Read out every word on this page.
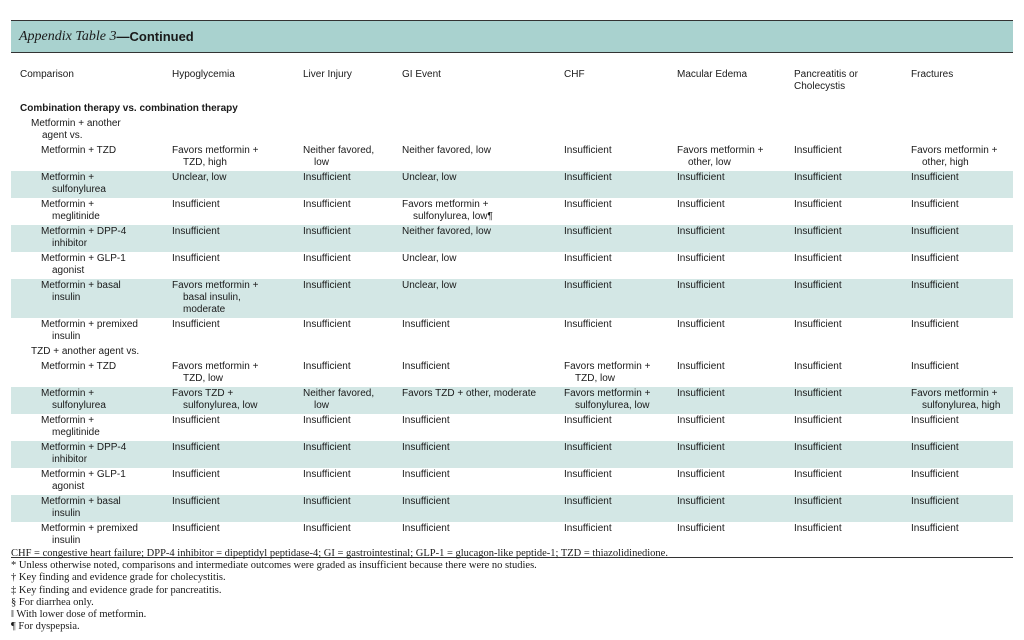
Appendix Table 3 —Continued
Comparison	Hypoglycemia	Liver Injury	GI Event	CHF	Macular Edema	Pancreatitis or Cholecystis	Fractures

Combination therapy vs. combination therapy							

Metformin + another
agent vs.							

Metformin + TZD	Favors metformin +
TZD, high	Neither favored,
low	Neither favored, low	Insufficient	Favors metformin +
other, low	Insufficient	Favors metformin +
other, high

Metformin +
sulfonylurea	Unclear, low	Insufficient	Unclear, low	Insufficient	Insufficient	Insufficient	Insufficient

Metformin +
meglitinide	Insufficient	Insufficient	Favors metformin +
sulfonylurea, low¶	Insufficient	Insufficient	Insufficient	Insufficient

Metformin + DPP-4
inhibitor	Insufficient	Insufficient	Neither favored, low	Insufficient	Insufficient	Insufficient	Insufficient

Metformin + GLP-1
agonist	Insufficient	Insufficient	Unclear, low	Insufficient	Insufficient	Insufficient	Insufficient

Metformin + basal
insulin	Favors metformin +
basal insulin,
moderate	Insufficient	Unclear, low	Insufficient	Insufficient	Insufficient	Insufficient

Metformin + premixed
insulin	Insufficient	Insufficient	Insufficient	Insufficient	Insufficient	Insufficient	Insufficient

TZD + another agent vs.							

Metformin + TZD	Favors metformin +
TZD, low	Insufficient	Insufficient	Favors metformin +
TZD, low	Insufficient	Insufficient	Insufficient

Metformin +
sulfonylurea	Favors TZD +
sulfonylurea, low	Neither favored,
low	Favors TZD + other, moderate	Favors metformin +
sulfonylurea, low	Insufficient	Insufficient	Favors metformin +
sulfonylurea, high

Metformin +
meglitinide	Insufficient	Insufficient	Insufficient	Insufficient	Insufficient	Insufficient	Insufficient

Metformin + DPP-4
inhibitor	Insufficient	Insufficient	Insufficient	Insufficient	Insufficient	Insufficient	Insufficient

Metformin + GLP-1
agonist	Insufficient	Insufficient	Insufficient	Insufficient	Insufficient	Insufficient	Insufficient

Metformin + basal
insulin	Insufficient	Insufficient	Insufficient	Insufficient	Insufficient	Insufficient	Insufficient

Metformin + premixed
insulin	Insufficient	Insufficient	Insufficient	Insufficient	Insufficient	Insufficient	Insufficient
CHF = congestive heart failure; DPP-4 inhibitor = dipeptidyl peptidase-4; GI = gastrointestinal; GLP-1 = glucagon-like peptide-1; TZD = thiazolidinedione.
* Unless otherwise noted, comparisons and intermediate outcomes were graded as insufficient because there were no studies.
† Key finding and evidence grade for cholecystitis.
‡ Key finding and evidence grade for pancreatitis.
§ For diarrhea only.
‖ With lower dose of metformin.
¶ For dyspepsia.
